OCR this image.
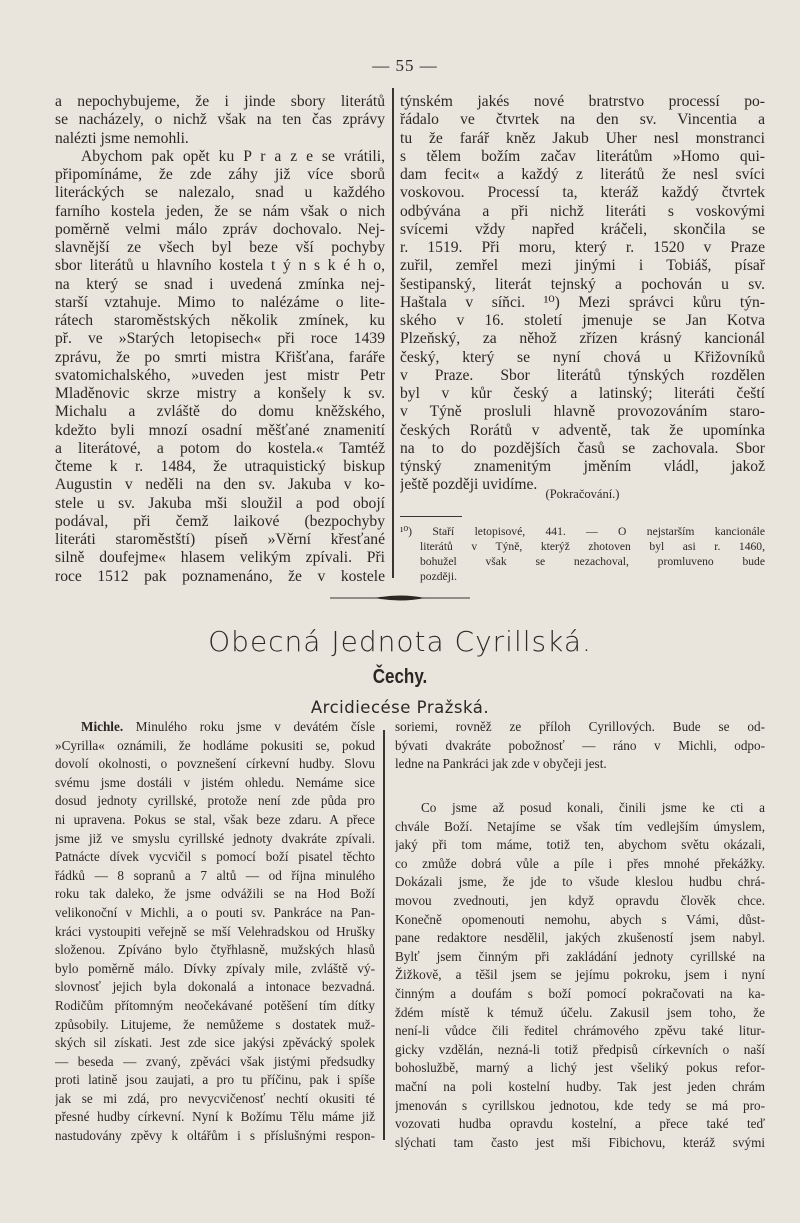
— 55 —
a nepochybujeme, že i jinde sbory literátů
se nacházely, o nichž však na ten čas zprávy
nalézti jsme nemohli.
Abychom pak opět ku P r a z e se vrátili,
připomínáme, že zde záhy již více sborů
literáckých se nalezalo, snad u každého
farního kostela jeden, že se nám však o nich
poměrně velmi málo zpráv dochovalo. Nej-
slavnější ze všech byl beze vší pochyby
sbor literátů u hlavního kostela t ý n s k é h o,
na který se snad i uvedená zmínka nej-
starší vztahuje. Mimo to nalézáme o lite-
rátech staroměstských několik zmínek, ku
př. ve »Starých letopisech« při roce 1439
zprávu, že po smrti mistra Křišťana, faráře
svatomichalského, »uveden jest mistr Petr
Mladěnovic skrze mistry a konšely k sv.
Michalu a zvláště do domu kněžského,
kdežto byli mnozí osadní měšťané znamenití
a literátové, a potom do kostela.« Tamtéž
čteme k r. 1484, že utraquistický biskup
Augustin v neděli na den sv. Jakuba v ko-
stele u sv. Jakuba mši sloužil a pod obojí
podával, při čemž laikové (bezpochyby
literáti staroměstští) píseň »Věrní křesťané
silně doufejme« hlasem velikým zpívali. Při
roce 1512 pak poznamenáno, že v kostele
týnském jakés nové bratrstvo processí po-
řádalo ve čtvrtek na den sv. Vincentia a
tu že farář kněz Jakub Uher nesl monstranci
s tělem božím začav literátům »Homo qui-
dam fecit« a každý z literátů že nesl svíci
voskovou. Processí ta, kteráž každý čtvrtek
odbývána a při nichž literáti s voskovými
svícemi vždy napřed kráčeli, skončila se
r. 1519. Při moru, který r. 1520 v Praze
zuřil, zemřel mezi jinými i Tobiáš, písař
šestipanský, literát tejnský a pochován u sv.
Haštala v síňci. ¹⁰) Mezi správci kůru týn-
ského v 16. století jmenuje se Jan Kotva
Plzeňský, za něhož zřízen krásný kancionál
český, který se nyní chová u Křižovníků
v Praze. Sbor literátů týnských rozdělen
byl v kůr český a latinský; literáti čeští
v Týně prosluli hlavně provozováním staro-
českých Rorátů v adventě, tak že upomínka
na to do pozdějších časů se zachovala. Sbor
týnský znamenitým jměním vládl, jakož
ještě později uvidíme.
(Pokračování.)
¹⁰) Staří letopisové, 441. — O nejstarším kancionále
literátů v Týně, kterýž zhotoven byl asi r. 1460,
bohužel však se nezachoval, promluveno bude
později.
Obecná Jednota Cyrillská.
Čechy.
Arcidiecése Pražská.
Michle. Minulého roku jsme v devátém čísle
»Cyrilla« oznámili, že hodláme pokusiti se, pokud
dovolí okolnosti, o povznešení církevní hudby. Slovu
svému jsme dostáli v jistém ohledu. Nemáme sice
dosud jednoty cyrillské, protože není zde půda pro
ni upravena. Pokus se stal, však beze zdaru. A přece
jsme již ve smyslu cyrillské jednoty dvakráte zpívali.
Patnácte dívek vycvičil s pomocí boží pisatel těchto
řádků — 8 sopranů a 7 altů — od října minulého
roku tak daleko, že jsme odvážili se na Hod Boží
velikonoční v Michli, a o pouti sv. Pankráce na Pan-
kráci vystoupiti veřejně se mší Velehradskou od Hrušky
složenou. Zpíváno bylo čtyřhlasně, mužských hlasů
bylo poměrně málo. Dívky zpívaly mile, zvláště vý-
slovnosť jejich byla dokonalá a intonace bezvadná.
Rodičům přítomným neočekávané potěšení tím dítky
způsobily. Litujeme, že nemůžeme s dostatek muž-
ských sil získati. Jest zde sice jakýsi zpěvácký spolek
— beseda — zvaný, zpěváci však jistými předsudky
proti latině jsou zaujati, a pro tu příčinu, pak i spíše
jak se mi zdá, pro nevycvičenosť nechtí okusiti té
přesné hudby církevní. Nyní k Božímu Tělu máme již
nastudovány zpěvy k oltářům i s příslušnými respon-
soriemi, rovněž ze příloh Cyrillových. Bude se od-
bývati dvakráte pobožnosť — ráno v Michli, odpo-
ledne na Pankráci jak zde v obyčeji jest.
Co jsme až posud konali, činili jsme ke cti a
chvále Boží. Netajíme se však tím vedlejším úmyslem,
jaký při tom máme, totiž ten, abychom světu okázali,
co zmůže dobrá vůle a píle i přes mnohé překážky.
Dokázali jsme, že jde to všude kleslou hudbu chrá-
movou zvednouti, jen když opravdu člověk chce.
Konečně opomenouti nemohu, abych s Vámi, důst-
pane redaktore nesdělil, jakých zkušeností jsem nabyl.
Bylť jsem činným při zakládání jednoty cyrillské na
Žižkově, a těšil jsem se jejímu pokroku, jsem i nyní
činným a doufám s boží pomocí pokračovati na ka-
ždém místě k témuž účelu. Zakusil jsem toho, že
není-li vůdce čili ředitel chrámového zpěvu také litur-
gicky vzdělán, nezná-li totiž předpisů církevních o naší
bohoslužbě, marný a lichý jest všeliký pokus refor-
mační na poli kostelní hudby. Tak jest jeden chrám
jmenován s cyrillskou jednotou, kde tedy se má pro-
vozovati hudba opravdu kostelní, a přece také teď
slýchati tam často jest mši Fibichovu, kteráž svými
